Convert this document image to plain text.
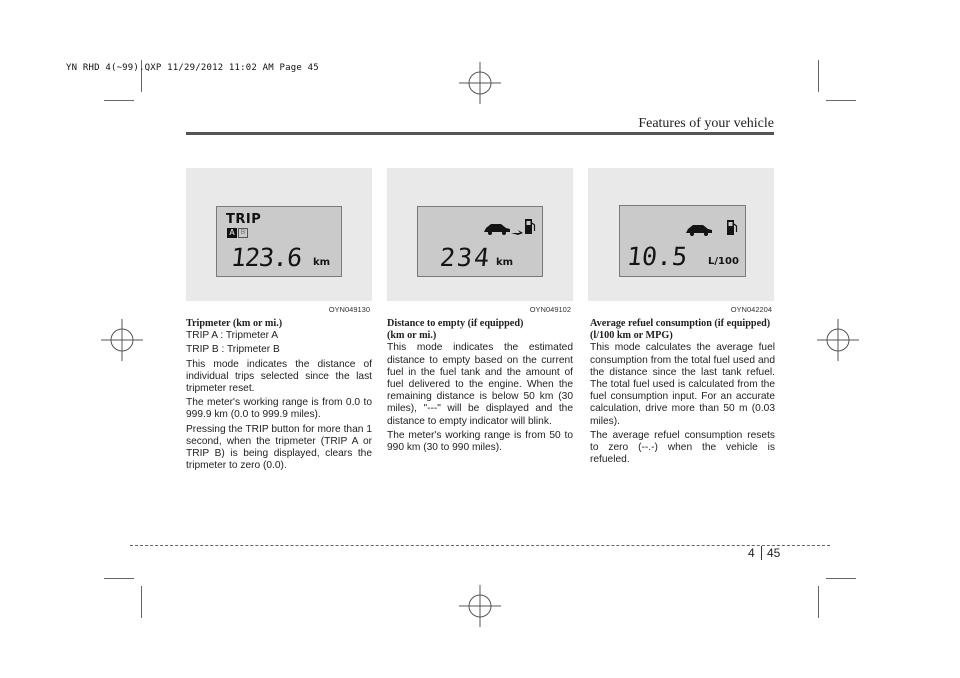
YN RHD 4(~99).QXP 11/29/2012 11:02 AM Page 45
Features of your vehicle
TRIP
A B
123.6 km
OYN049130
234 km
OYN049102
10.5 L/100
OYN042204
Tripmeter (km or mi.)

TRIP A : Tripmeter A

TRIP B : Tripmeter B

This mode indicates the distance of individual trips selected since the last tripmeter reset.

The meter's working range is from 0.0 to 999.9 km (0.0 to 999.9 miles).

Pressing the TRIP button for more than 1 second, when the tripmeter (TRIP A or TRIP B) is being displayed, clears the tripmeter to zero (0.0).

Distance to empty (if equipped)
(km or mi.)

This mode indicates the estimated distance to empty based on the current fuel in the fuel tank and the amount of fuel delivered to the engine. When the remaining distance is below 50 km (30 miles), "---" will be displayed and the distance to empty indicator will blink.

The meter's working range is from 50 to 990 km (30 to 990 miles).

Average refuel consumption (if equipped)
(l/100 km or MPG)

This mode calculates the average fuel consumption from the total fuel used and the distance since the last tank refuel. The total fuel used is calculated from the fuel consumption input. For an accurate calculation, drive more than 50 m (0.03 miles).

The average refuel consumption resets to zero (--.-) when the vehicle is refueled.

4 45
